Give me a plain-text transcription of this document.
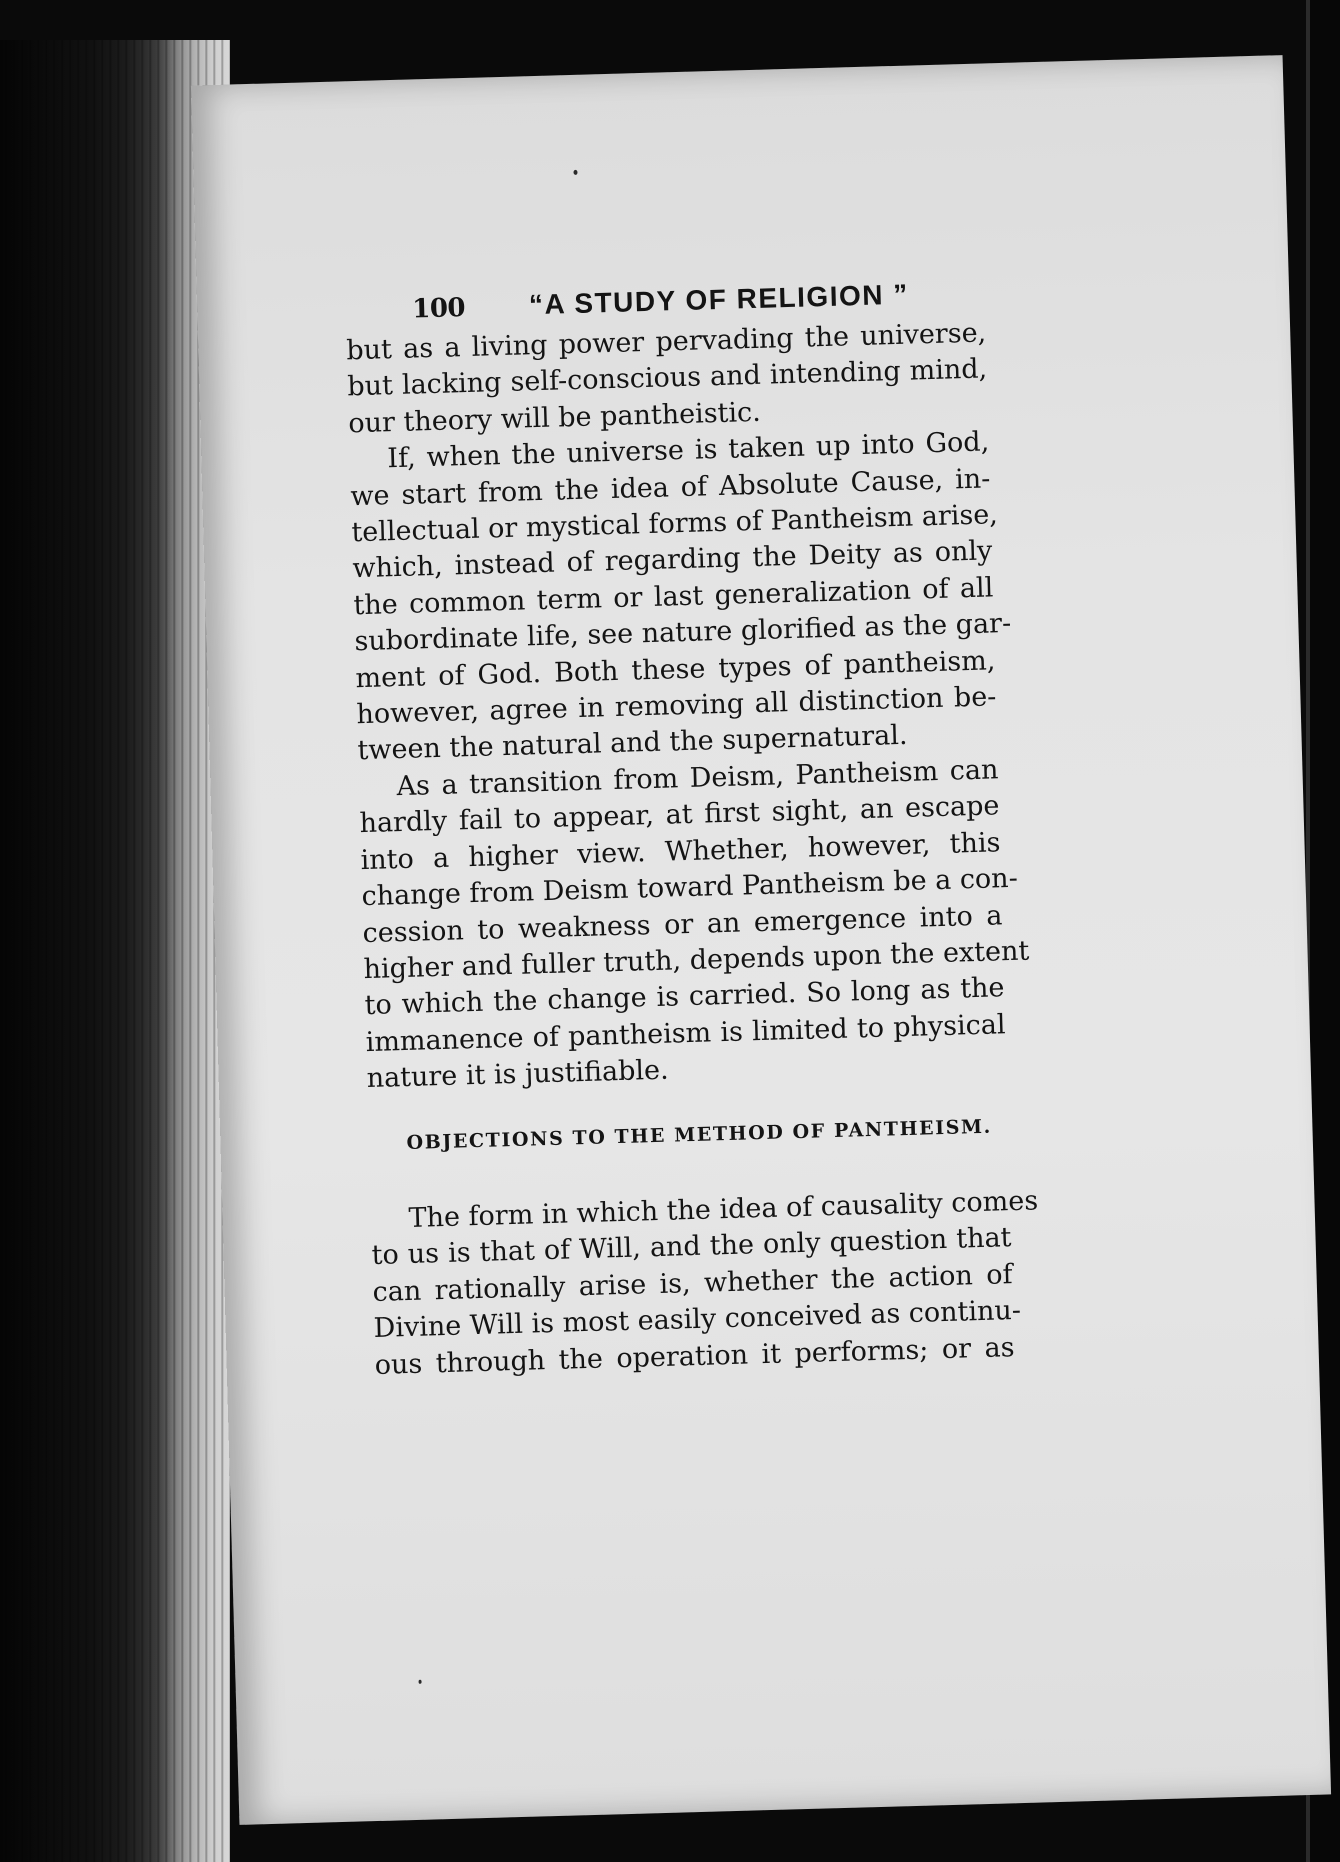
100 “A STUDY OF RELIGION ”

but as a living power pervading the universe,
but lacking self-conscious and intending mind,
our theory will be pantheistic.

If, when the universe is taken up into God,
we start from the idea of Absolute Cause, in-
tellectual or mystical forms of Pantheism arise,
which, instead of regarding the Deity as only
the common term or last generalization of all
subordinate life, see nature glorified as the gar-
ment of God. Both these types of pantheism,
however, agree in removing all distinction be-
tween the natural and the supernatural.

As a transition from Deism, Pantheism can
hardly fail to appear, at first sight, an escape
into a higher view. Whether, however, this
change from Deism toward Pantheism be a con-
cession to weakness or an emergence into a
higher and fuller truth, depends upon the extent
to which the change is carried. So long as the
immanence of pantheism is limited to physical
nature it is justifiable.

OBJECTIONS TO THE METHOD OF PANTHEISM.

The form in which the idea of causality comes
to us is that of Will, and the only question that
can rationally arise is, whether the action of
Divine Will is most easily conceived as continu-
ous through the operation it performs; or as
